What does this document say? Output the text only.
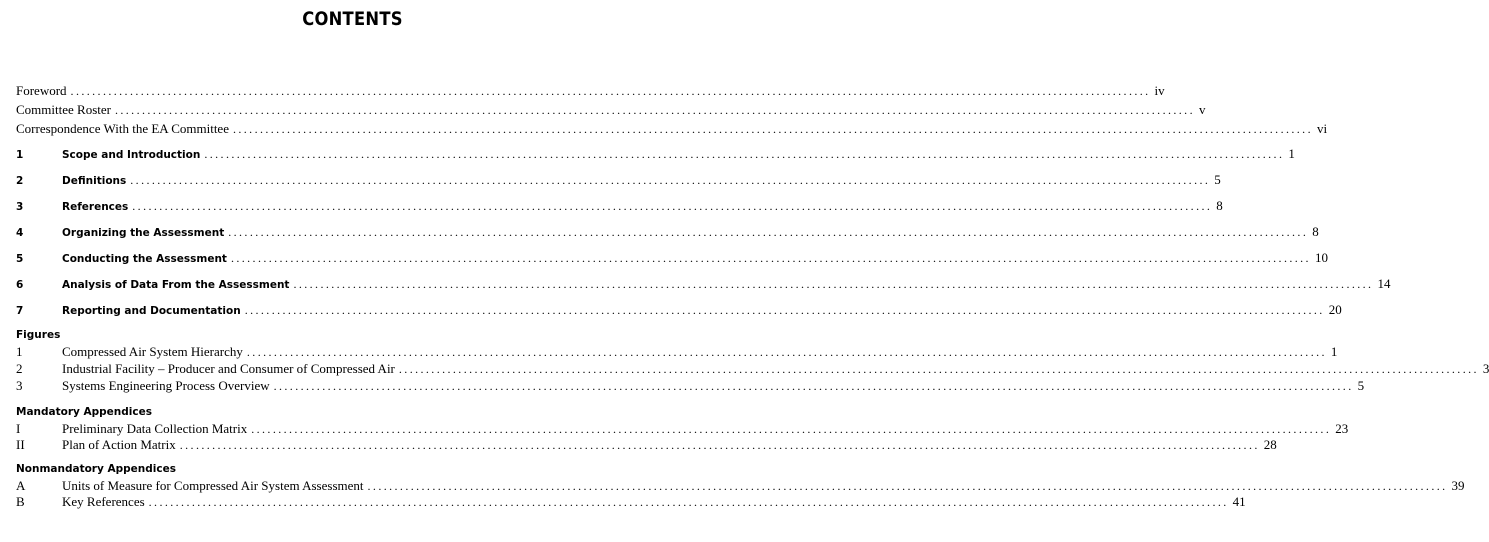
CONTENTS
Foreword ........................................................................................................................................................................................................ iv
Committee Roster ........................................................................................................................................................................................................ v
Correspondence With the EA Committee ........................................................................................................................................................................................................ vi
1	Scope and Introduction ........................................................................................................................................................................................................ 1
2	Definitions ........................................................................................................................................................................................................ 5
3	References ........................................................................................................................................................................................................ 8
4	Organizing the Assessment ........................................................................................................................................................................................................ 8
5	Conducting the Assessment ........................................................................................................................................................................................................ 10
6	Analysis of Data From the Assessment ........................................................................................................................................................................................................ 14
7	Reporting and Documentation ........................................................................................................................................................................................................ 20
Figures
1	Compressed Air System Hierarchy ........................................................................................................................................................................................................ 1
2	Industrial Facility – Producer and Consumer of Compressed Air ........................................................................................................................................................................................................ 3
3	Systems Engineering Process Overview ........................................................................................................................................................................................................ 5
Mandatory Appendices
I	Preliminary Data Collection Matrix ........................................................................................................................................................................................................ 23
II	Plan of Action Matrix ........................................................................................................................................................................................................ 28
Nonmandatory Appendices
A	Units of Measure for Compressed Air System Assessment ........................................................................................................................................................................................................ 39
B	Key References ........................................................................................................................................................................................................ 41
